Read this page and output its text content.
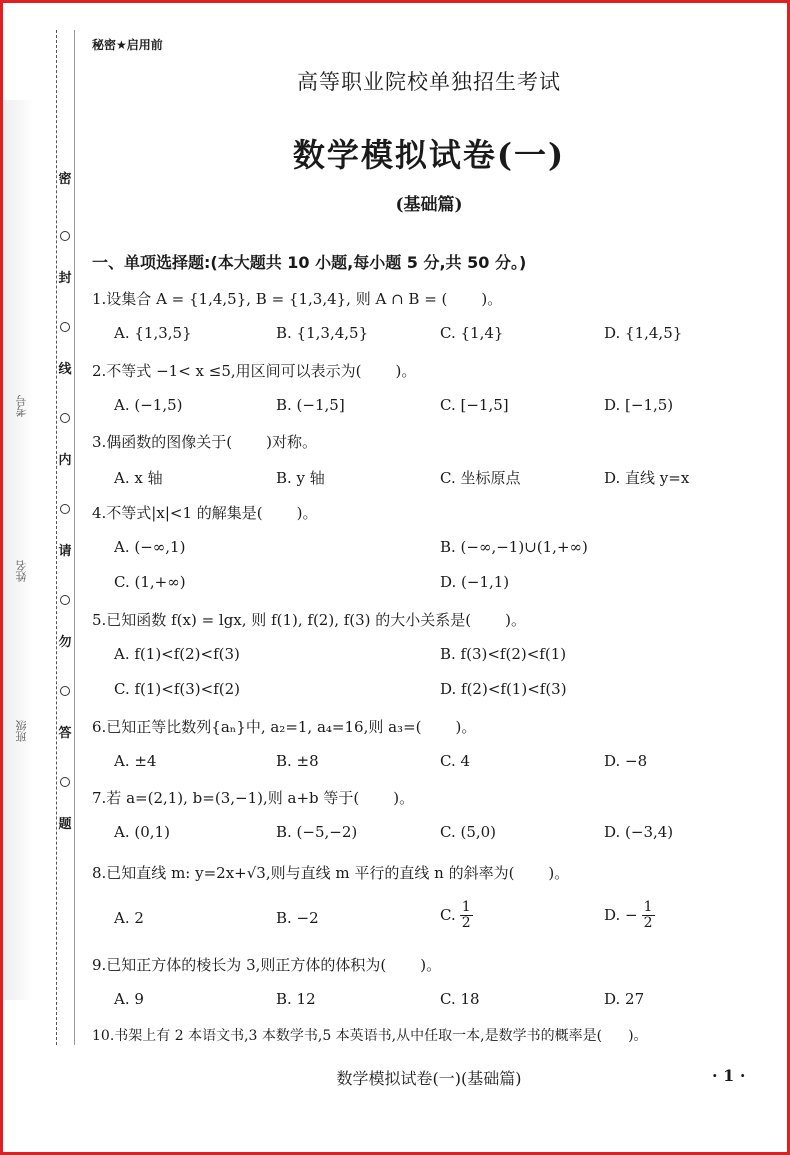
密
封
线
内
请
勿
答
题
考号
姓名
班级
秘密★启用前
高等职业院校单独招生考试
数学模拟试卷(一)
(基础篇)
一、单项选择题:(本大题共 10 小题,每小题 5 分,共 50 分。)
1.设集合 A = {1,4,5}, B = {1,3,4}, 则 A ∩ B = ( )。
A. {1,3,5}	B. {1,3,4,5}	C. {1,4}	D. {1,4,5}
2.不等式 −1< x ≤5,用区间可以表示为( )。
A. (−1,5)	B. (−1,5]	C. [−1,5]	D. [−1,5)
3.偶函数的图像关于( )对称。
A. x 轴	B. y 轴	C. 坐标原点	D. 直线 y=x
4.不等式|x|<1 的解集是( )。
A. (−∞,1)	B. (−∞,−1)∪(1,+∞)
C. (1,+∞)	D. (−1,1)
5.已知函数 f(x) = lgx, 则 f(1), f(2), f(3) 的大小关系是( )。
A. f(1)<f(2)<f(3)	B. f(3)<f(2)<f(1)
C. f(1)<f(3)<f(2)	D. f(2)<f(1)<f(3)
6.已知正等比数列{aₙ}中, a₂=1, a₄=16,则 a₃=( )。
A. ±4	B. ±8	C. 4	D. −8
7.若 a=(2,1), b=(3,−1),则 a+b 等于( )。
A. (0,1)	B. (−5,−2)	C. (5,0)	D. (−3,4)
8.已知直线 m: y=2x+√3,则与直线 m 平行的直线 n 的斜率为( )。
A. 2	B. −2	C. $\frac{1}{2}$	D. − $\frac{1}{2}$
9.已知正方体的棱长为 3,则正方体的体积为( )。
A. 9	B. 12	C. 18	D. 27
10.书架上有 2 本语文书,3 本数学书,5 本英语书,从中任取一本,是数学书的概率是( )。
数学模拟试卷(一)(基础篇)	· 1 ·
